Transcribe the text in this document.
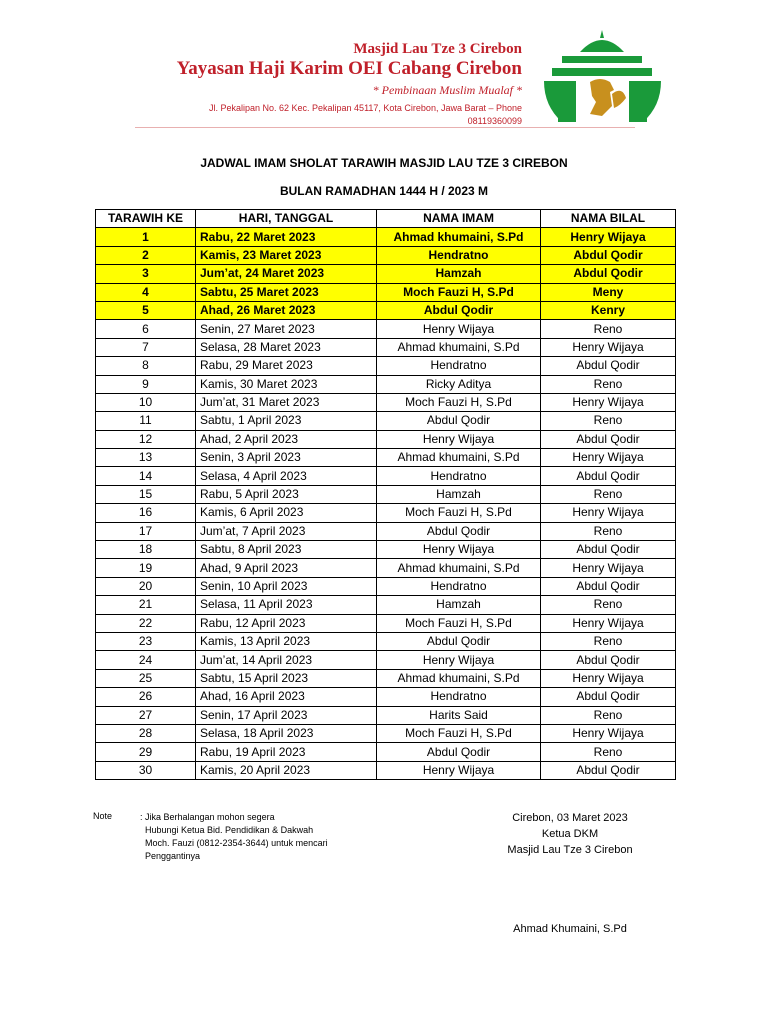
Masjid Lau Tze 3 Cirebon
Yayasan Haji Karim OEI Cabang Cirebon
* Pembinaan Muslim Mualaf *
Jl. Pekalipan No. 62 Kec. Pekalipan 45117, Kota Cirebon, Jawa Barat – Phone
08119360099
JADWAL IMAM SHOLAT TARAWIH MASJID LAU TZE 3 CIREBON
BULAN RAMADHAN 1444 H / 2023 M
TARAWIH KE	HARI, TANGGAL	NAMA IMAM	NAMA BILAL
1	Rabu, 22 Maret 2023	Ahmad khumaini, S.Pd	Henry Wijaya
2	Kamis, 23 Maret 2023	Hendratno	Abdul Qodir
3	Jum’at, 24 Maret 2023	Hamzah	Abdul Qodir
4	Sabtu, 25 Maret 2023	Moch Fauzi H, S.Pd	Meny
5	Ahad, 26 Maret 2023	Abdul Qodir	Kenry
6	Senin, 27 Maret 2023	Henry Wijaya	Reno
7	Selasa, 28 Maret 2023	Ahmad khumaini, S.Pd	Henry Wijaya
8	Rabu, 29 Maret 2023	Hendratno	Abdul Qodir
9	Kamis, 30 Maret 2023	Ricky Aditya	Reno
10	Jum’at, 31 Maret 2023	Moch Fauzi H, S.Pd	Henry Wijaya
11	Sabtu, 1 April 2023	Abdul Qodir	Reno
12	Ahad, 2 April 2023	Henry Wijaya	Abdul Qodir
13	Senin, 3 April 2023	Ahmad khumaini, S.Pd	Henry Wijaya
14	Selasa, 4 April 2023	Hendratno	Abdul Qodir
15	Rabu, 5 April 2023	Hamzah	Reno
16	Kamis, 6 April 2023	Moch Fauzi H, S.Pd	Henry Wijaya
17	Jum’at, 7 April 2023	Abdul Qodir	Reno
18	Sabtu, 8 April 2023	Henry Wijaya	Abdul Qodir
19	Ahad, 9 April 2023	Ahmad khumaini, S.Pd	Henry Wijaya
20	Senin, 10 April 2023	Hendratno	Abdul Qodir
21	Selasa, 11 April 2023	Hamzah	Reno
22	Rabu, 12 April 2023	Moch Fauzi H, S.Pd	Henry Wijaya
23	Kamis, 13 April 2023	Abdul Qodir	Reno
24	Jum’at, 14 April 2023	Henry Wijaya	Abdul Qodir
25	Sabtu, 15 April 2023	Ahmad khumaini, S.Pd	Henry Wijaya
26	Ahad, 16 April 2023	Hendratno	Abdul Qodir
27	Senin, 17 April 2023	Harits Said	Reno
28	Selasa, 18 April 2023	Moch Fauzi H, S.Pd	Henry Wijaya
29	Rabu, 19 April 2023	Abdul Qodir	Reno
30	Kamis, 20 April 2023	Henry Wijaya	Abdul Qodir
Note	: Jika Berhalangan mohon segera
Hubungi Ketua Bid. Pendidikan & Dakwah
Moch. Fauzi (0812-2354-3644) untuk mencari
Penggantinya
Cirebon, 03 Maret 2023
Ketua DKM
Masjid Lau Tze 3 Cirebon
Ahmad Khumaini, S.Pd
